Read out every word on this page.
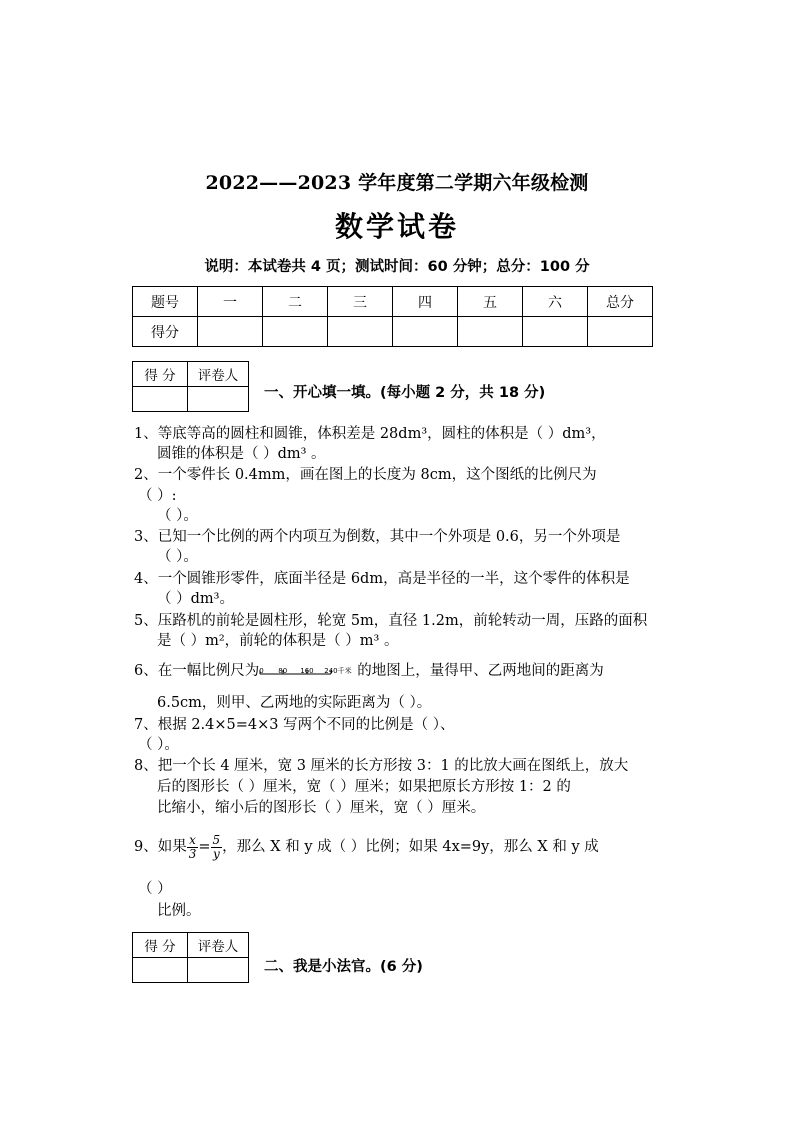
2022——2023 学年度第二学期六年级检测
数学试卷
说明：本试卷共 4 页；测试时间：60 分钟；总分：100 分
题号	一	二	三	四	五	六	总分
得分							
得 分	评卷人

一、开心填一填。(每小题 2 分，共 18 分)
1、等底等高的圆柱和圆锥，体积差是 28dm³，圆柱的体积是（ ）dm³，
圆锥的体积是（ ）dm³ 。
2、一个零件长 0.4mm，画在图上的长度为 8cm，这个图纸的比例尺为
（ ）:
（ ）。
3、已知一个比例的两个内项互为倒数，其中一个外项是 0.6，另一个外项是
（ ）。
4、一个圆锥形零件，底面半径是 6dm，高是半径的一半，这个零件的体积是
（ ）dm³。
5、压路机的前轮是圆柱形，轮宽 5m，直径 1.2m，前轮转动一周，压路的面积
是（ ）m²，前轮的体积是（ ）m³ 。
6、在一幅比例尺为 0 80 160 240千米 的地图上，量得甲、乙两地间的距离为
6.5cm，则甲、乙两地的实际距离为（ ）。
7、根据 2.4×5=4×3 写两个不同的比例是（ ）、
（ ）。
8、把一个长 4 厘米，宽 3 厘米的长方形按 3：1 的比放大画在图纸上，放大
后的图形长（ ）厘米，宽（ ）厘米；如果把原长方形按 1：2 的
比缩小，缩小后的图形长（ ）厘米，宽（ ）厘米。
9、如果 $\frac{x}{3} = \frac{5}{y}$ ，那么 X 和 y 成（ ）比例；如果 4x=9y，那么 X 和 y 成
（ ）
比例。
得 分	评卷人

二、我是小法官。(6 分)
